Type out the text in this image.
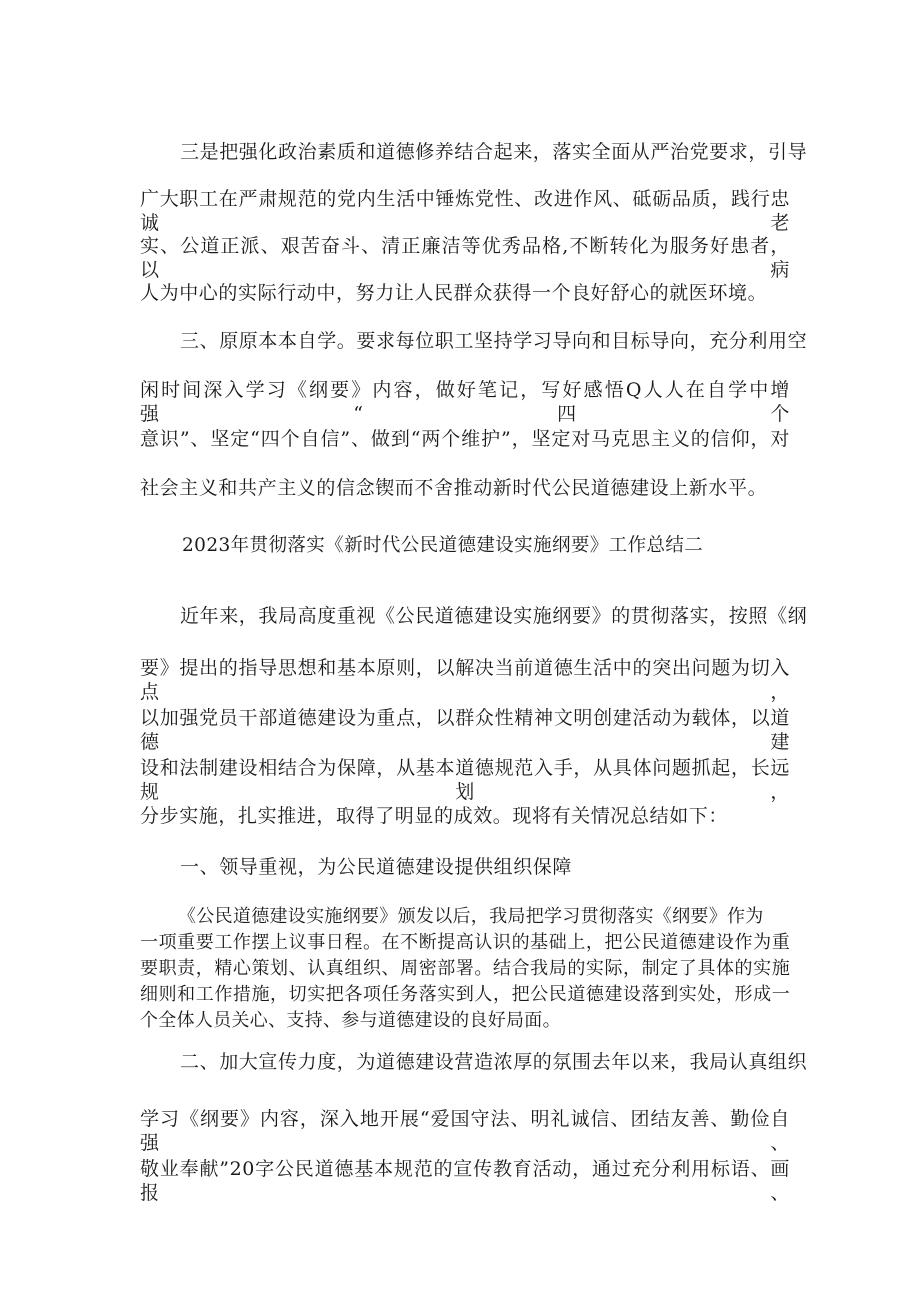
三是把强化政治素质和道德修养结合起来，落实全面从严治党要求，引导
广大职工在严肃规范的党内生活中锤炼党性、改进作风、砥砺品质，践行忠诚老
实、公道正派、艰苦奋斗、清正廉洁等优秀品格,不断转化为服务好患者，以病
人为中心的实际行动中，努力让人民群众获得一个良好舒心的就医环境。
三、原原本本自学。要求每位职工坚持学习导向和目标导向，充分利用空
闲时间深入学习《纲要》内容，做好笔记，写好感悟Q人人在自学中增强“四个
意识”、坚定“四个自信”、做到“两个维护”，坚定对马克思主义的信仰，对
社会主义和共产主义的信念锲而不舍推动新时代公民道德建设上新水平。
2023年贯彻落实《新时代公民道德建设实施纲要》工作总结二
近年来，我局高度重视《公民道德建设实施纲要》的贯彻落实，按照《纲
要》提出的指导思想和基本原则，以解决当前道德生活中的突出问题为切入点，
以加强党员干部道德建设为重点，以群众性精神文明创建活动为载体，以道德建
设和法制建设相结合为保障，从基本道德规范入手，从具体问题抓起，长远规划，
分步实施，扎实推进，取得了明显的成效。现将有关情况总结如下：
一、领导重视，为公民道德建设提供组织保障
《公民道德建设实施纲要》颁发以后，我局把学习贯彻落实《纲要》作为
一项重要工作摆上议事日程。在不断提高认识的基础上，把公民道德建设作为重
要职责，精心策划、认真组织、周密部署。结合我局的实际，制定了具体的实施
细则和工作措施，切实把各项任务落实到人，把公民道德建设落到实处，形成一
个全体人员关心、支持、参与道德建设的良好局面。
二、加大宣传力度，为道德建设营造浓厚的氛围去年以来，我局认真组织
学习《纲要》内容，深入地开展“爱国守法、明礼诚信、团结友善、勤俭自强、
敬业奉献”20字公民道德基本规范的宣传教育活动，通过充分利用标语、画报、
